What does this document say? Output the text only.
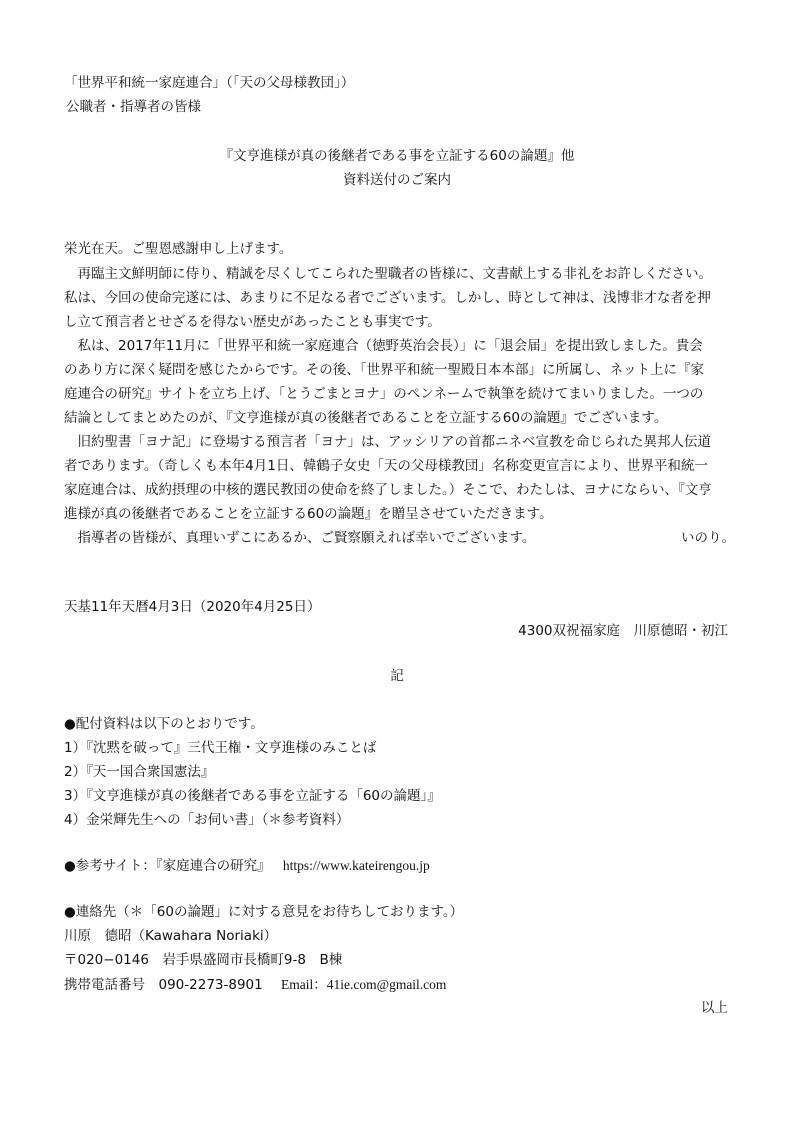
「世界平和統一家庭連合」（「天の父母様教団」）
公職者・指導者の皆様
『文亨進様が真の後継者である事を立証する60の論題』他
資料送付のご案内
栄光在天。ご聖恩感謝申し上げます。
　再臨主文鮮明師に侍り、精誠を尽くしてこられた聖職者の皆様に、文書献上する非礼をお許しください。
私は、今回の使命完遂には、あまりに不足なる者でございます。しかし、時として神は、浅博非才な者を押
し立て預言者とせざるを得ない歴史があったことも事実です。
　私は、2017年11月に「世界平和統一家庭連合（徳野英治会長）」に「退会届」を提出致しました。貴会
のあり方に深く疑問を感じたからです。その後、「世界平和統一聖殿日本本部」に所属し、ネット上に『家
庭連合の研究』サイトを立ち上げ、「とうごまとヨナ」のペンネームで執筆を続けてまいりました。一つの
結論としてまとめたのが、『文亨進様が真の後継者であることを立証する60の論題』でございます。
　旧約聖書「ヨナ記」に登場する預言者「ヨナ」は、アッシリアの首都ニネベ宣教を命じられた異邦人伝道
者であります。（奇しくも本年4月1日、韓鶴子女史「天の父母様教団」名称変更宣言により、世界平和統一
家庭連合は、成約摂理の中核的選民教団の使命を終了しました。）そこで、わたしは、ヨナにならい、『文亨
進様が真の後継者であることを立証する60の論題』を贈呈させていただきます。
　指導者の皆様が、真理いずこにあるか、ご賢察願えれば幸いでございます。	いのり。
天基11年天暦4月3日（2020年4月25日）
4300双祝福家庭　川原德昭・初江
記
●配付資料は以下のとおりです。
1）『沈黙を破って』三代王権・文亨進様のみことば
2）『天一国合衆国憲法』
3）『文亨進様が真の後継者である事を立証する「60の論題」』
4）金栄輝先生への「お伺い書」（＊参考資料）
●参考サイト：『家庭連合の研究』 https://www.kateirengou.jp
●連絡先（＊「60の論題」に対する意見をお待ちしております。）
川原　德昭（Kawahara Noriaki）
〒020−0146　岩手県盛岡市長橋町9-8　B棟
携帯電話番号　090-2273-8901 Email：41ie.com@gmail.com
以上
